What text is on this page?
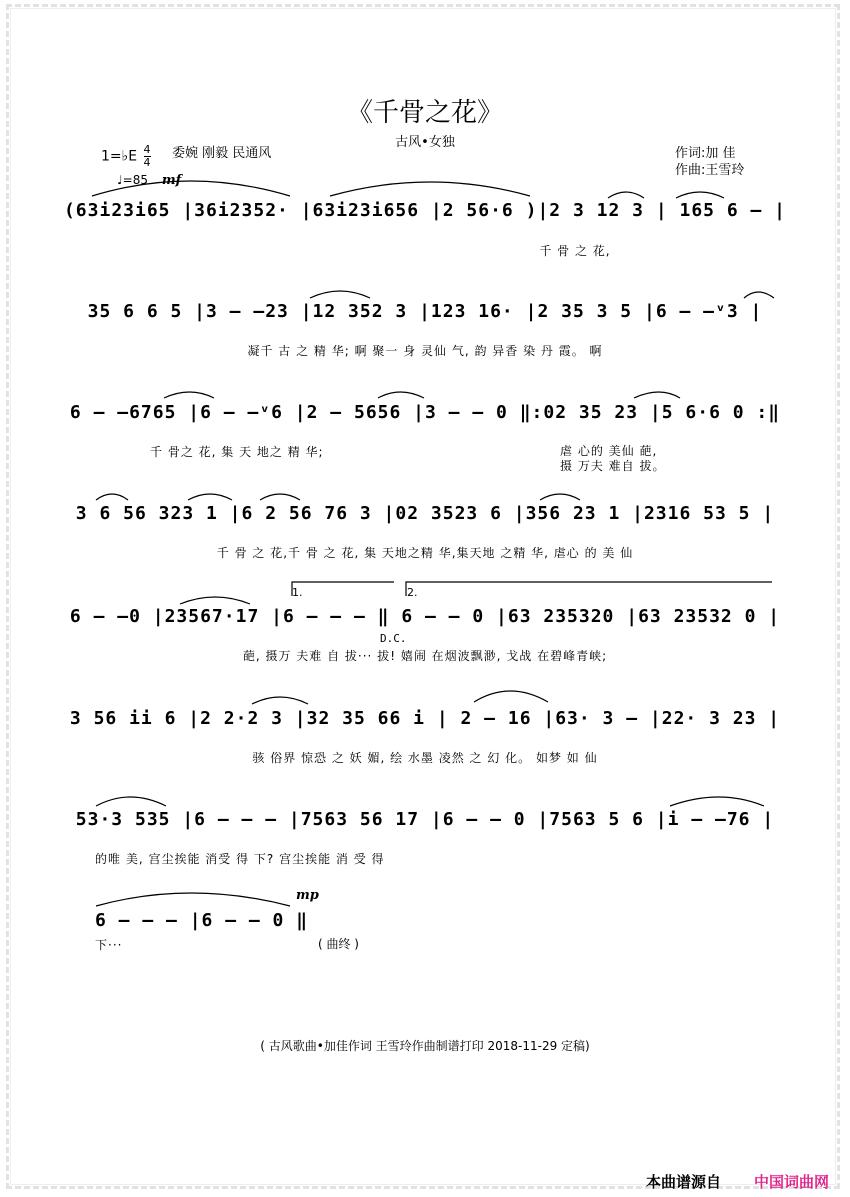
《千骨之花》
古风•女独
1=♭E $\frac{4}{4}$ 委婉 刚毅 民通风	作词:加 佳
作曲:王雪玲
♩=85 mf
(63i23i65 |36i2352· |63i23i656 |2 56·6 )|2 3 12 3 | 165 6 – |
千 骨 之 花,
35 6 6 5 |3 – –23 |12 352 3 |123 16· |2 35 3 5 |6 – –ᵛ3 |
凝千 古 之 精 华; 啊 聚一 身 灵仙 气, 韵 异香 染 丹 霞。 啊
6 – –6765 |6 – –ᵛ6 |2 – 5656 |3 – – 0 ‖:02 35 23 |5 6·6 0 :‖
千 骨之 花, 集 天 地之 精 华;	虐 心的 美仙 葩,
摄 万夫 难自 拔。
3 6 56 323 1 |6 2 56 76 3 |02 3523 6 |356 23 1 |2316 53 5 |
千 骨 之 花,千 骨 之 花, 集 天地之精 华,集天地 之精 华, 虐心 的 美 仙
1.	2.
6 – –0 |23567·17 |6 – – – ‖ 6 – – 0 |63 235320 |63 23532 0 |
D.C.
葩, 摄万 夫难 自 拔··· 拔! 嬉闹 在烟波飘渺, 戈战 在碧峰青峡;
3 56 ii 6 |2 2·2 3 |32 35 66 i | 2 – 16 |63· 3 – |22· 3 23 |
骇 俗界 惊恐 之 妖 媚, 绘 水墨 凌然 之 幻 化。 如梦 如 仙
53·3 535 |6 – – – |7563 56 17 |6 – – 0 |7563 5 6 |i – –76 |
的唯 美, 宫尘挨能 消受 得 下? 宫尘挨能 消 受 得
mp
6 – – – |6 – – 0 ‖
下···	( 曲终 )
( 古风歌曲•加佳作词 王雪玲作曲制谱打印 2018-11-29 定稿)
本曲谱源自 中国词曲网
